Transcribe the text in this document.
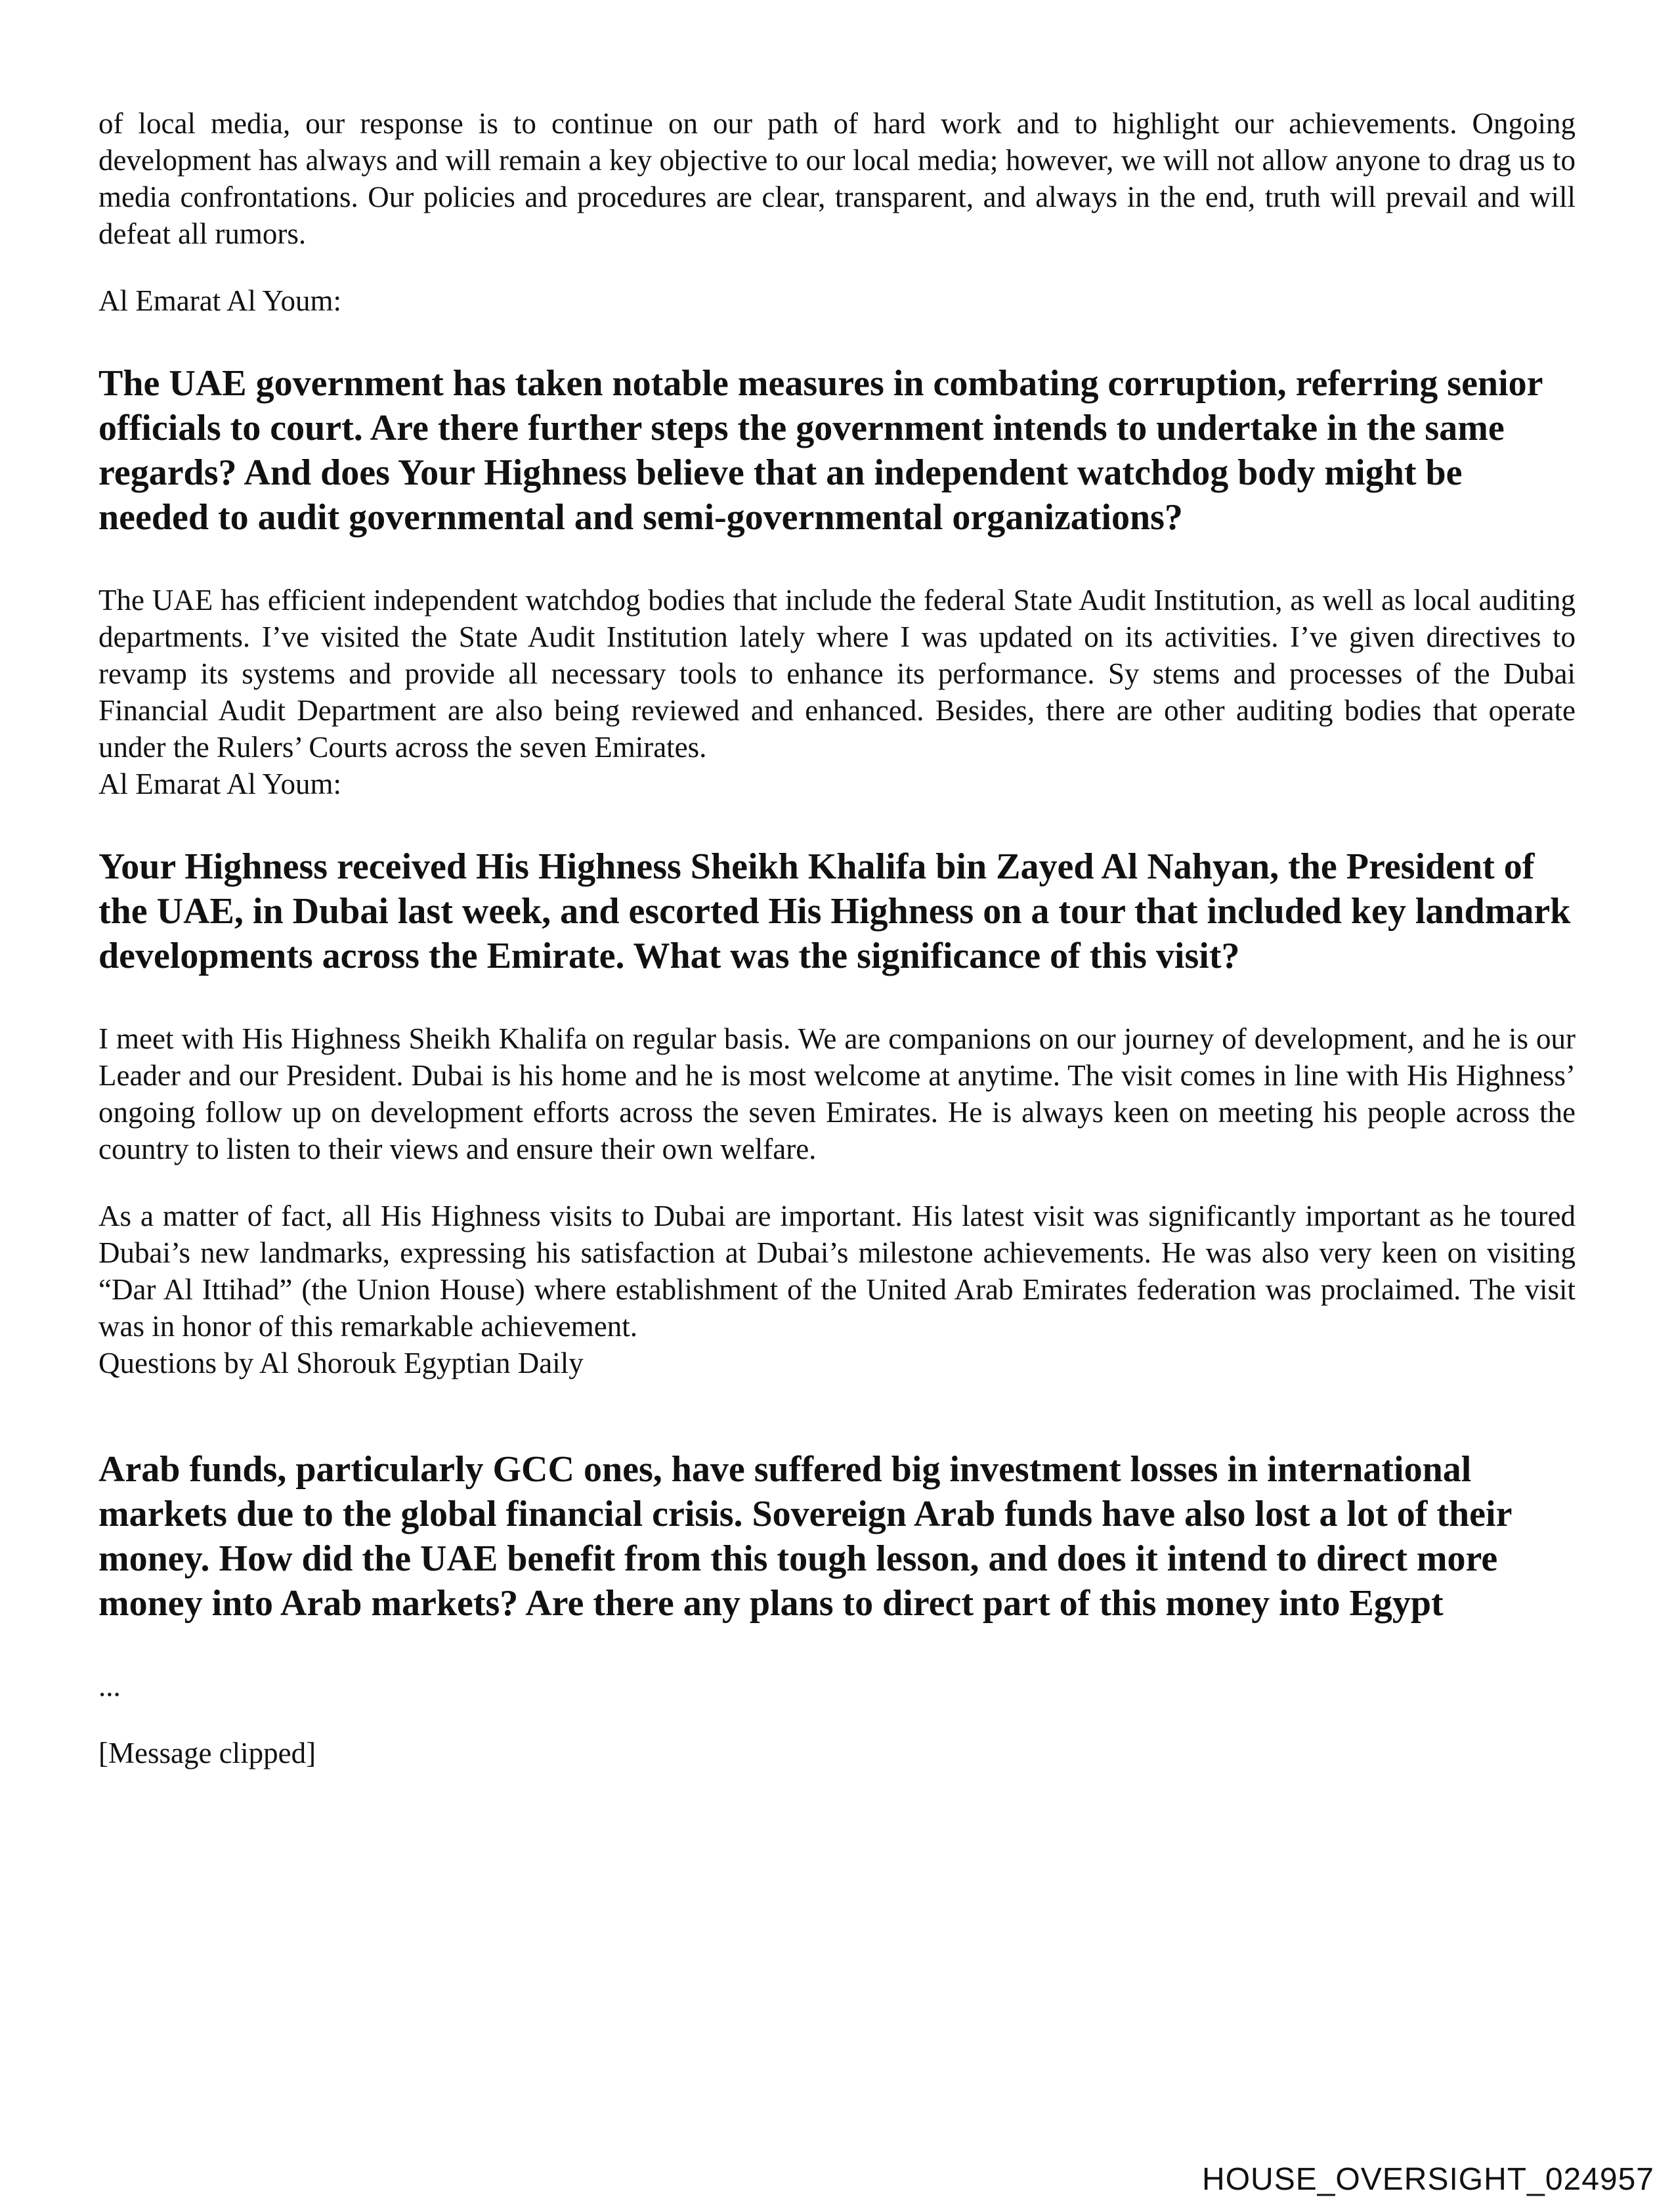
of local media, our response is to continue on our path of hard work and to highlight our achievements. Ongoing development has always and will remain a key objective to our local media; however, we will not allow anyone to drag us to media confrontations. Our policies and procedures are clear, transparent, and always in the end, truth will prevail and will defeat all rumors.

Al Emarat Al Youm:

The UAE government has taken notable measures in combating corruption, referring senior officials to court. Are there further steps the government intends to undertake in the same regards? And does Your Highness believe that an independent watchdog body might be needed to audit governmental and semi-governmental organizations?

The UAE has efficient independent watchdog bodies that include the federal State Audit Institution, as well as local auditing departments. I’ve visited the State Audit Institution lately where I was updated on its activities. I’ve given directives to revamp its systems and provide all necessary tools to enhance its performance. Sy stems and processes of the Dubai Financial Audit Department are also being reviewed and enhanced. Besides, there are other auditing bodies that operate under the Rulers’ Courts across the seven Emirates.

Al Emarat Al Youm:

Your Highness received His Highness Sheikh Khalifa bin Zayed Al Nahyan, the President of the UAE, in Dubai last week, and escorted His Highness on a tour that included key landmark developments across the Emirate. What was the significance of this visit?

I meet with His Highness Sheikh Khalifa on regular basis. We are companions on our journey of development, and he is our Leader and our President. Dubai is his home and he is most welcome at anytime. The visit comes in line with His Highness’ ongoing follow up on development efforts across the seven Emirates. He is always keen on meeting his people across the country to listen to their views and ensure their own welfare.

As a matter of fact, all His Highness visits to Dubai are important. His latest visit was significantly important as he toured Dubai’s new landmarks, expressing his satisfaction at Dubai’s milestone achievements. He was also very keen on visiting “Dar Al Ittihad” (the Union House) where establishment of the United Arab Emirates federation was proclaimed. The visit was in honor of this remarkable achievement.

Questions by Al Shorouk Egyptian Daily

Arab funds, particularly GCC ones, have suffered big investment losses in international markets due to the global financial crisis. Sovereign Arab funds have also lost a lot of their money. How did the UAE benefit from this tough lesson, and does it intend to direct more money into Arab markets? Are there any plans to direct part of this money into Egypt

...

[Message clipped]

HOUSE_OVERSIGHT_024957
